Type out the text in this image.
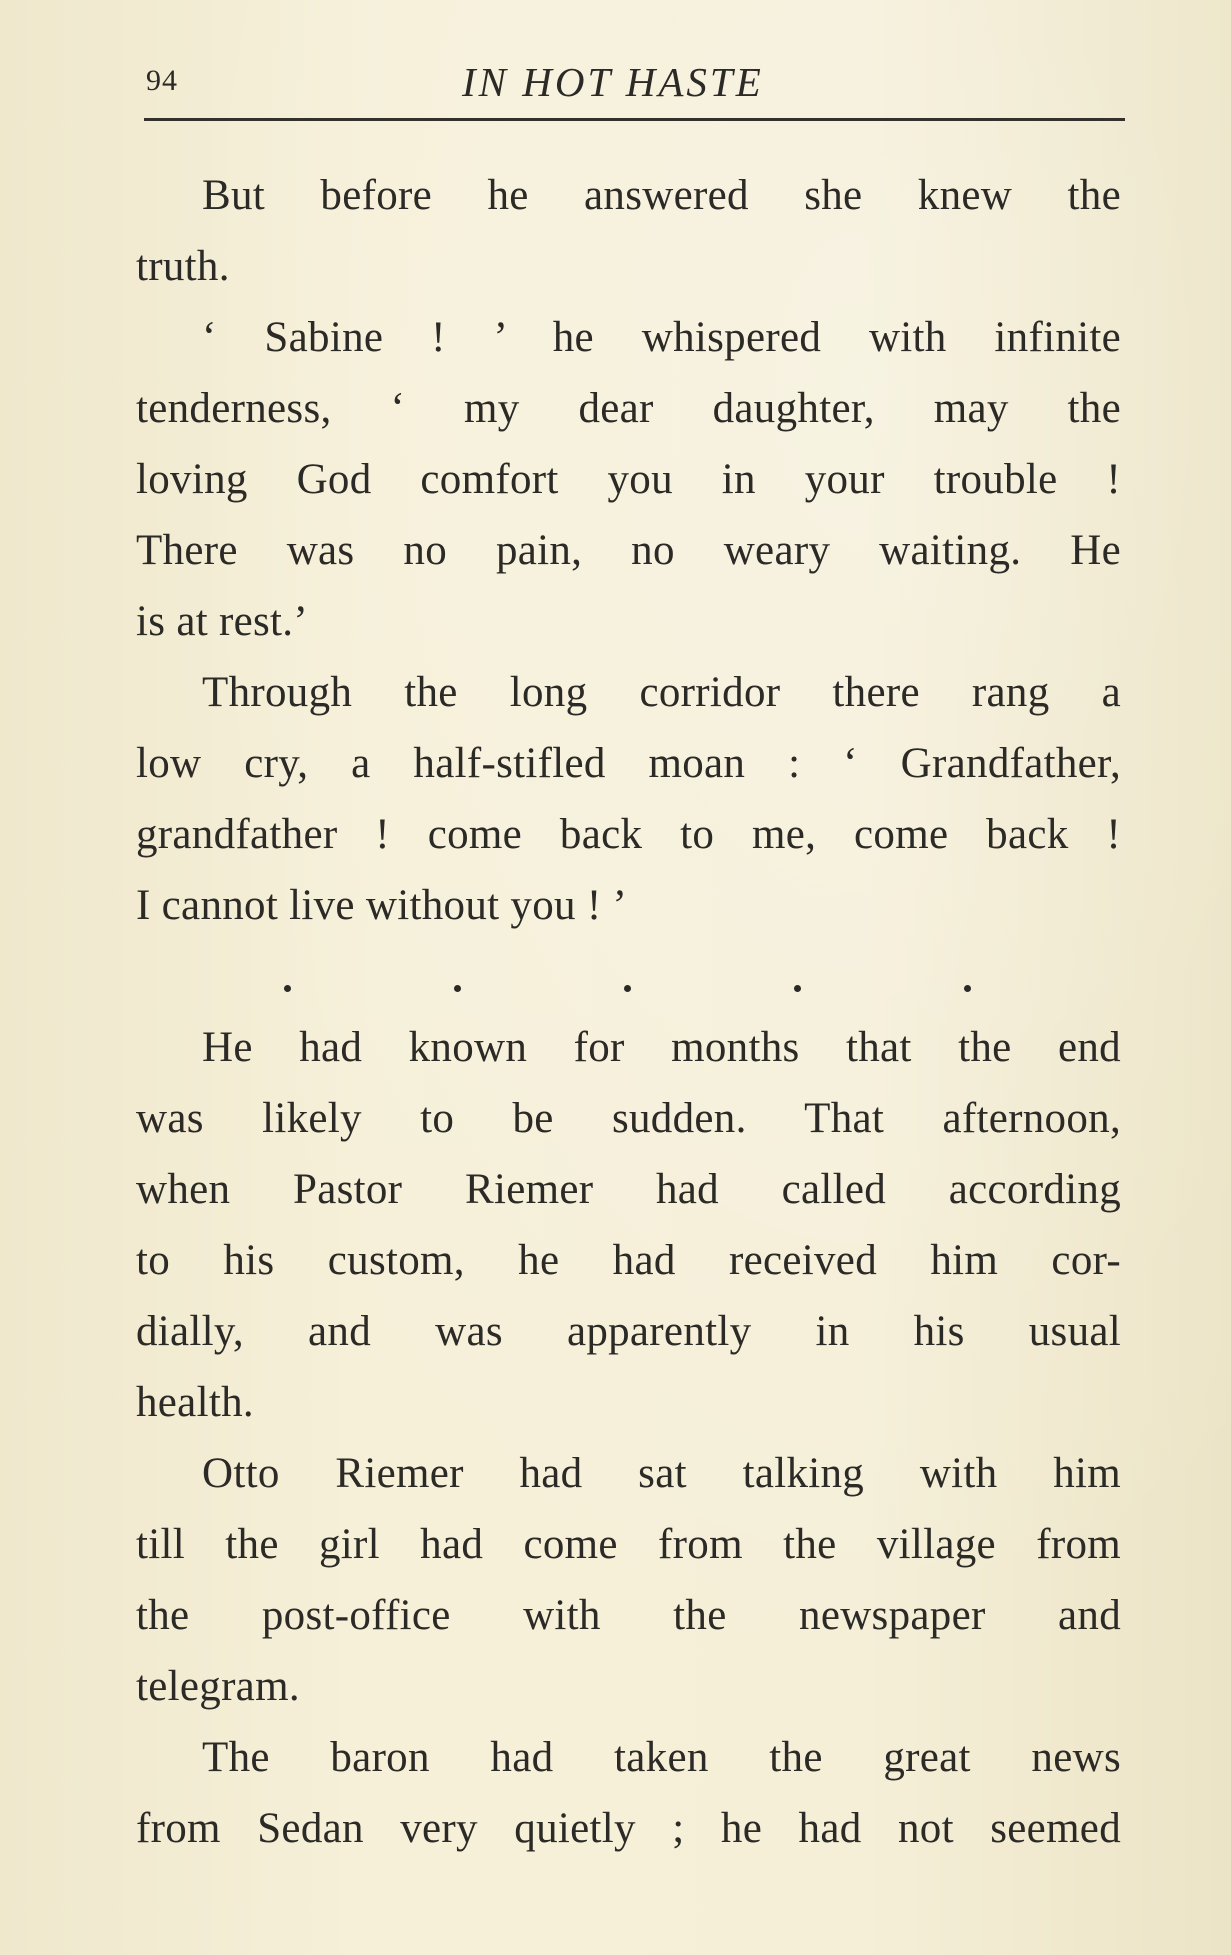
94	IN HOT HASTE
But before he answered she knew the
truth.
‘ Sabine ! ’ he whispered with infinite
tenderness, ‘ my dear daughter, may the
loving God comfort you in your trouble !
There was no pain, no weary waiting. He
is at rest.’
Through the long corridor there rang a
low cry, a half-stifled moan : ‘ Grandfather,
grandfather ! come back to me, come back !
I cannot live without you ! ’
He had known for months that the end
was likely to be sudden. That afternoon,
when Pastor Riemer had called according
to his custom, he had received him cor-
dially, and was apparently in his usual
health.
Otto Riemer had sat talking with him
till the girl had come from the village from
the post-office with the newspaper and
telegram.
The baron had taken the great news
from Sedan very quietly ; he had not seemed
